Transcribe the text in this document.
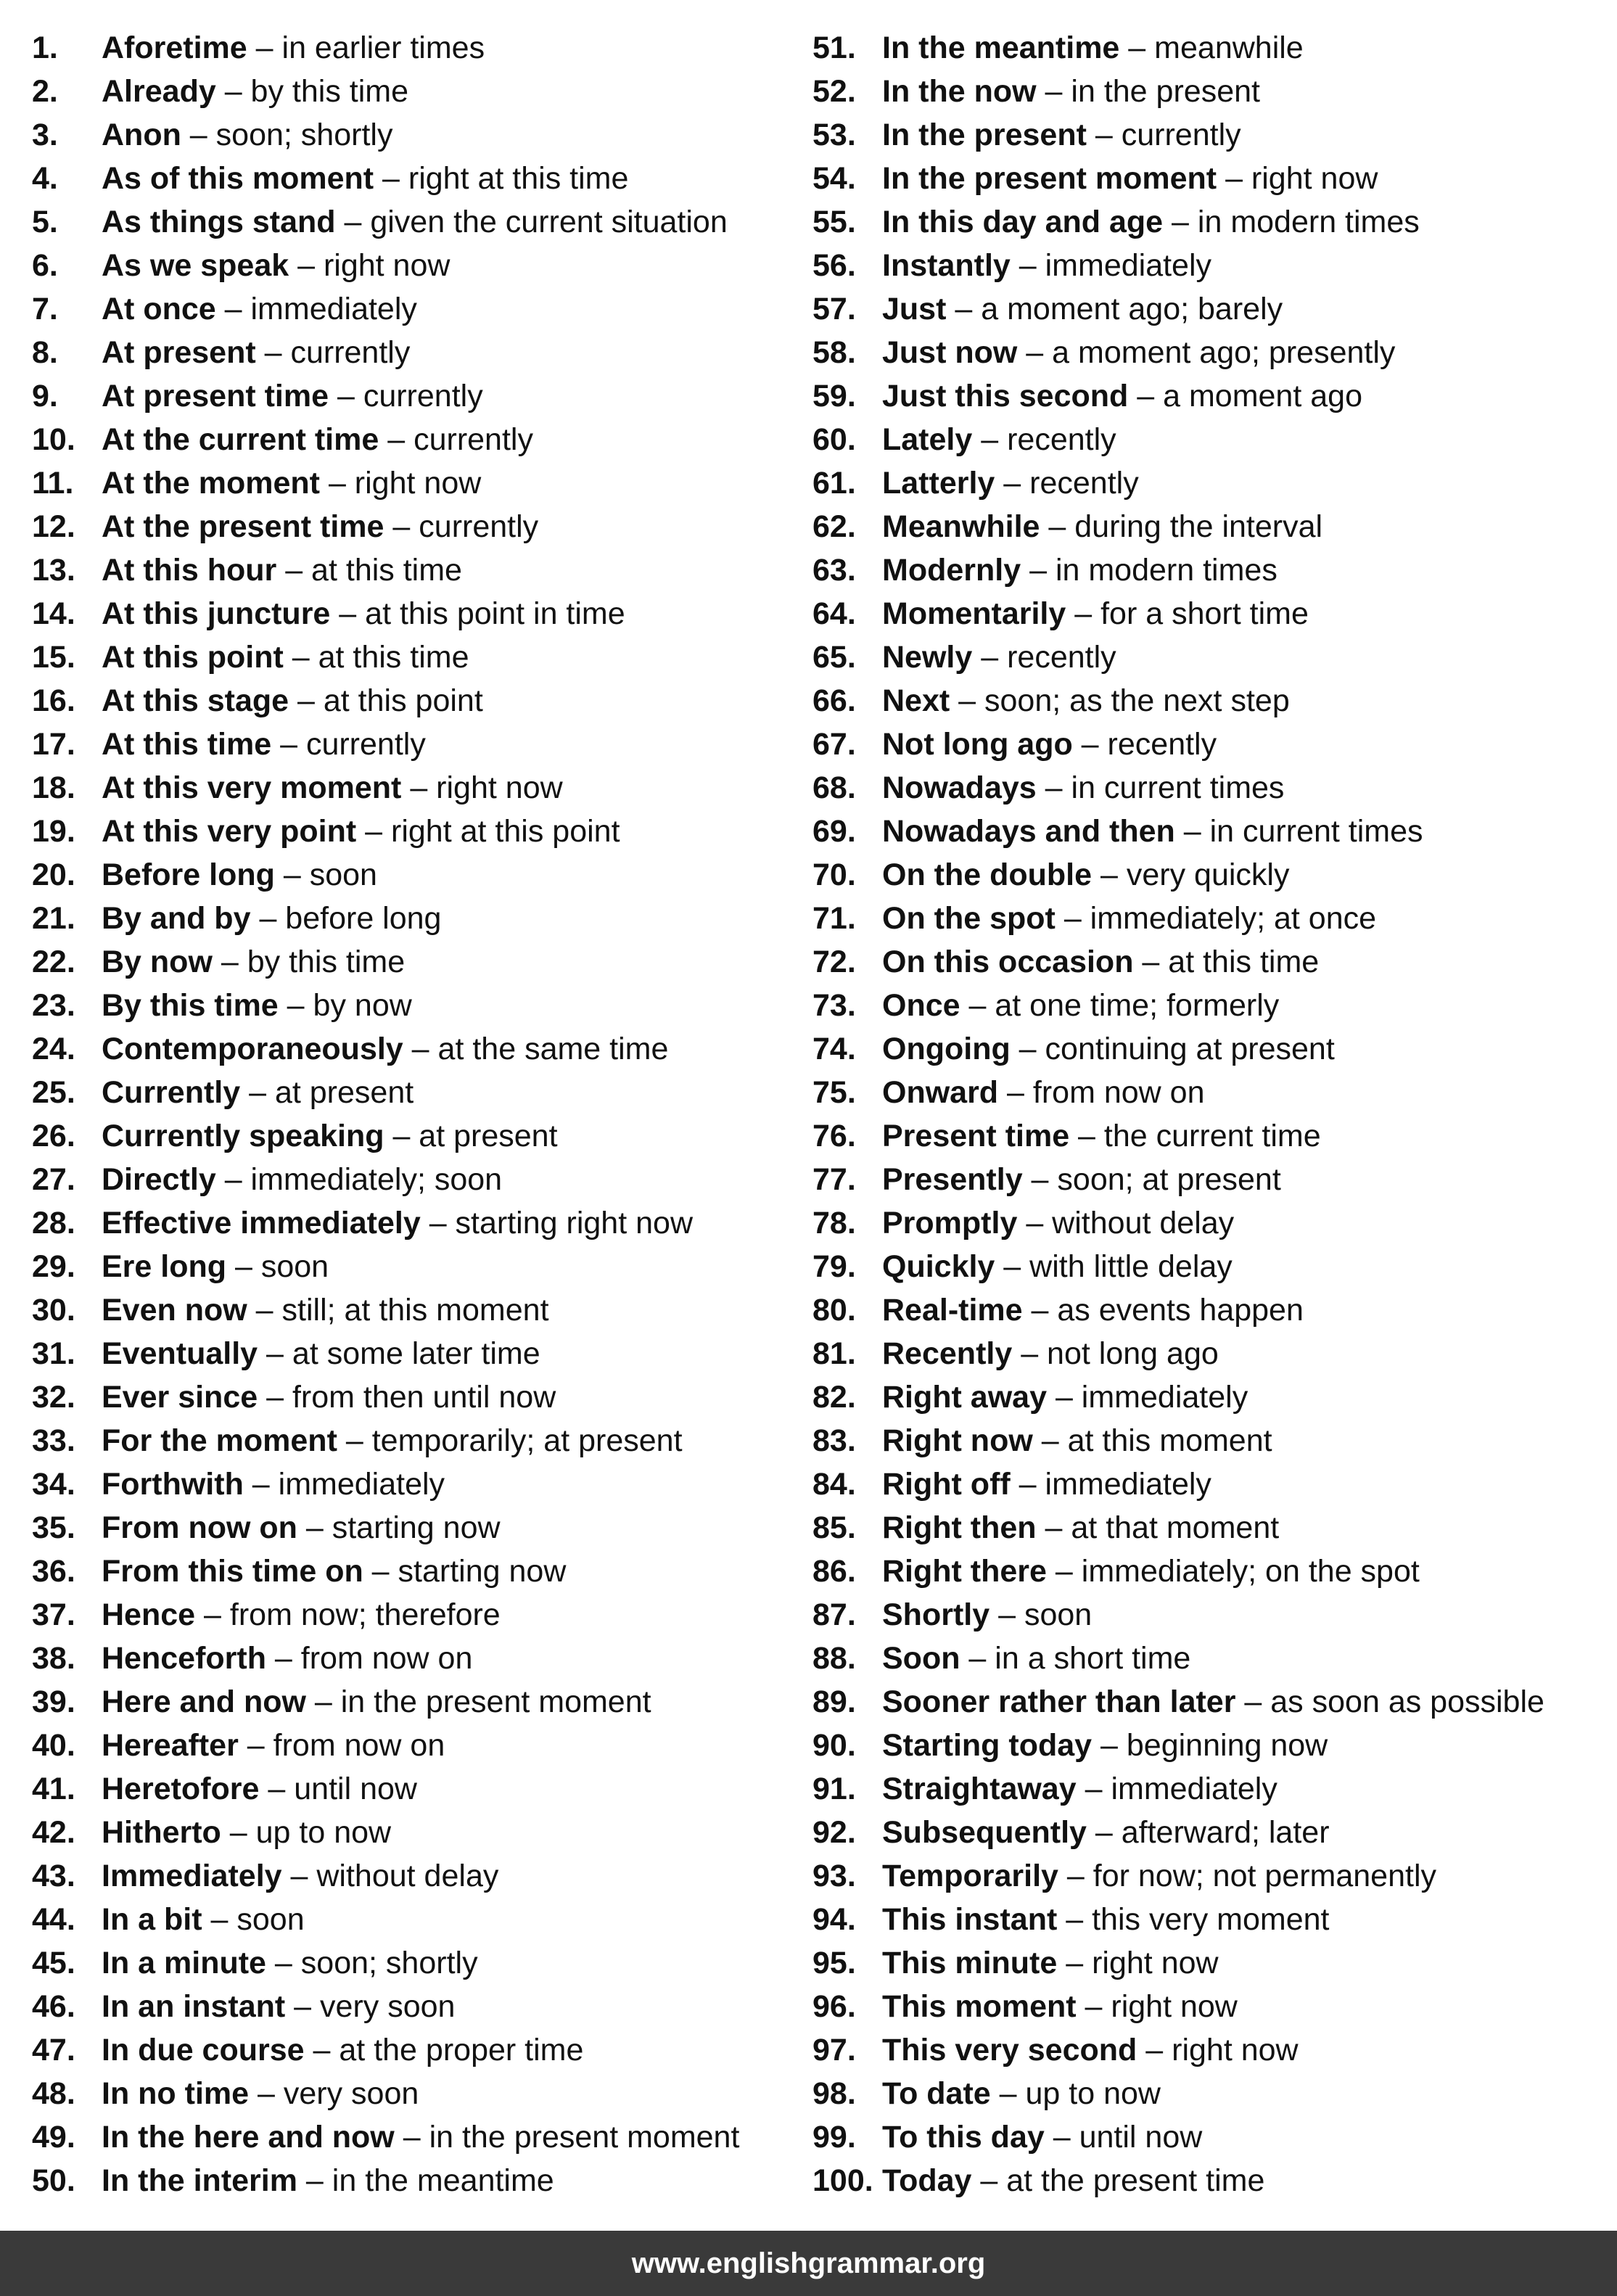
1.	Aforetime – in earlier times
2.	Already – by this time
3.	Anon – soon; shortly
4.	As of this moment – right at this time
5.	As things stand – given the current situation
6.	As we speak – right now
7.	At once – immediately
8.	At present – currently
9.	At present time – currently
10. At the current time – currently
11. At the moment – right now
12. At the present time – currently
13. At this hour – at this time
14. At this juncture – at this point in time
15. At this point – at this time
16. At this stage – at this point
17. At this time – currently
18. At this very moment – right now
19. At this very point – right at this point
20. Before long – soon
21. By and by – before long
22. By now – by this time
23. By this time – by now
24. Contemporaneously – at the same time
25. Currently – at present
26. Currently speaking – at present
27. Directly – immediately; soon
28. Effective immediately – starting right now
29. Ere long – soon
30. Even now – still; at this moment
31. Eventually – at some later time
32. Ever since – from then until now
33. For the moment – temporarily; at present
34. Forthwith – immediately
35. From now on – starting now
36. From this time on – starting now
37. Hence – from now; therefore
38. Henceforth – from now on
39. Here and now – in the present moment
40. Hereafter – from now on
41. Heretofore – until now
42. Hitherto – up to now
43. Immediately – without delay
44. In a bit – soon
45. In a minute – soon; shortly
46. In an instant – very soon
47. In due course – at the proper time
48. In no time – very soon
49. In the here and now – in the present moment
50. In the interim – in the meantime
51. In the meantime – meanwhile
52. In the now – in the present
53. In the present – currently
54. In the present moment – right now
55. In this day and age – in modern times
56. Instantly – immediately
57. Just – a moment ago; barely
58. Just now – a moment ago; presently
59. Just this second – a moment ago
60. Lately – recently
61. Latterly – recently
62. Meanwhile – during the interval
63. Modernly – in modern times
64. Momentarily – for a short time
65. Newly – recently
66. Next – soon; as the next step
67. Not long ago – recently
68. Nowadays – in current times
69. Nowadays and then – in current times
70. On the double – very quickly
71. On the spot – immediately; at once
72. On this occasion – at this time
73. Once – at one time; formerly
74. Ongoing – continuing at present
75. Onward – from now on
76. Present time – the current time
77. Presently – soon; at present
78. Promptly – without delay
79. Quickly – with little delay
80. Real-time – as events happen
81. Recently – not long ago
82. Right away – immediately
83. Right now – at this moment
84. Right off – immediately
85. Right then – at that moment
86. Right there – immediately; on the spot
87. Shortly – soon
88. Soon – in a short time
89. Sooner rather than later – as soon as possible
90. Starting today – beginning now
91. Straightaway – immediately
92. Subsequently – afterward; later
93. Temporarily – for now; not permanently
94. This instant – this very moment
95. This minute – right now
96. This moment – right now
97. This very second – right now
98. To date – up to now
99. To this day – until now
100. Today – at the present time
www.englishgrammar.org
